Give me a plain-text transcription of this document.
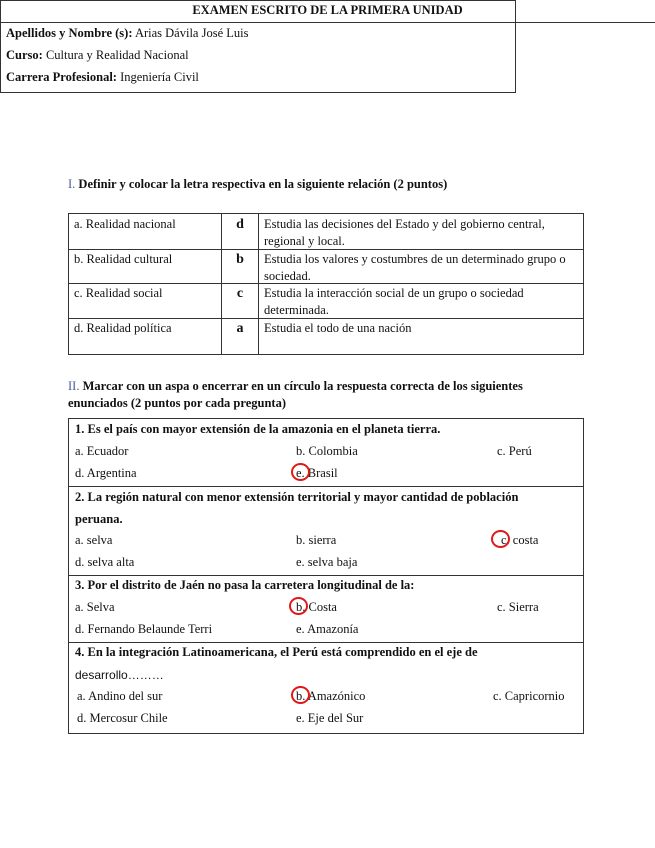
EXAMEN ESCRITO DE LA PRIMERA UNIDAD
Apellidos y Nombre (s): Arias Dávila José Luis
Curso: Cultura y Realidad Nacional
Carrera Profesional: Ingeniería Civil
I. Definir y colocar la letra respectiva en la siguiente relación (2 puntos)
a. Realidad nacional	d	Estudia las decisiones del Estado y del gobierno central, regional y local.
b. Realidad cultural	b	Estudia los valores y costumbres de un determinado grupo o sociedad.
c. Realidad social	c	Estudia la interacción social de un grupo o sociedad determinada.
d. Realidad política	a	Estudia el todo de una nación
II. Marcar con un aspa o encerrar en un círculo la respuesta correcta de los siguientes
enunciados (2 puntos por cada pregunta)
1. Es el país con mayor extensión de la amazonia en el planeta tierra.
a. Ecuador	b. Colombia	c. Perú
d. Argentina	e. Brasil
2. La región natural con menor extensión territorial y mayor cantidad de población
peruana.
a. selva	b. sierra	c. costa
d. selva alta	e. selva baja
3. Por el distrito de Jaén no pasa la carretera longitudinal de la:
a. Selva	b. Costa	c. Sierra
d. Fernando Belaunde Terri	e. Amazonía
4. En la integración Latinoamericana, el Perú está comprendido en el eje de
desarrollo………
a. Andino del sur	b. Amazónico	c. Capricornio
d. Mercosur Chile	e. Eje del Sur
